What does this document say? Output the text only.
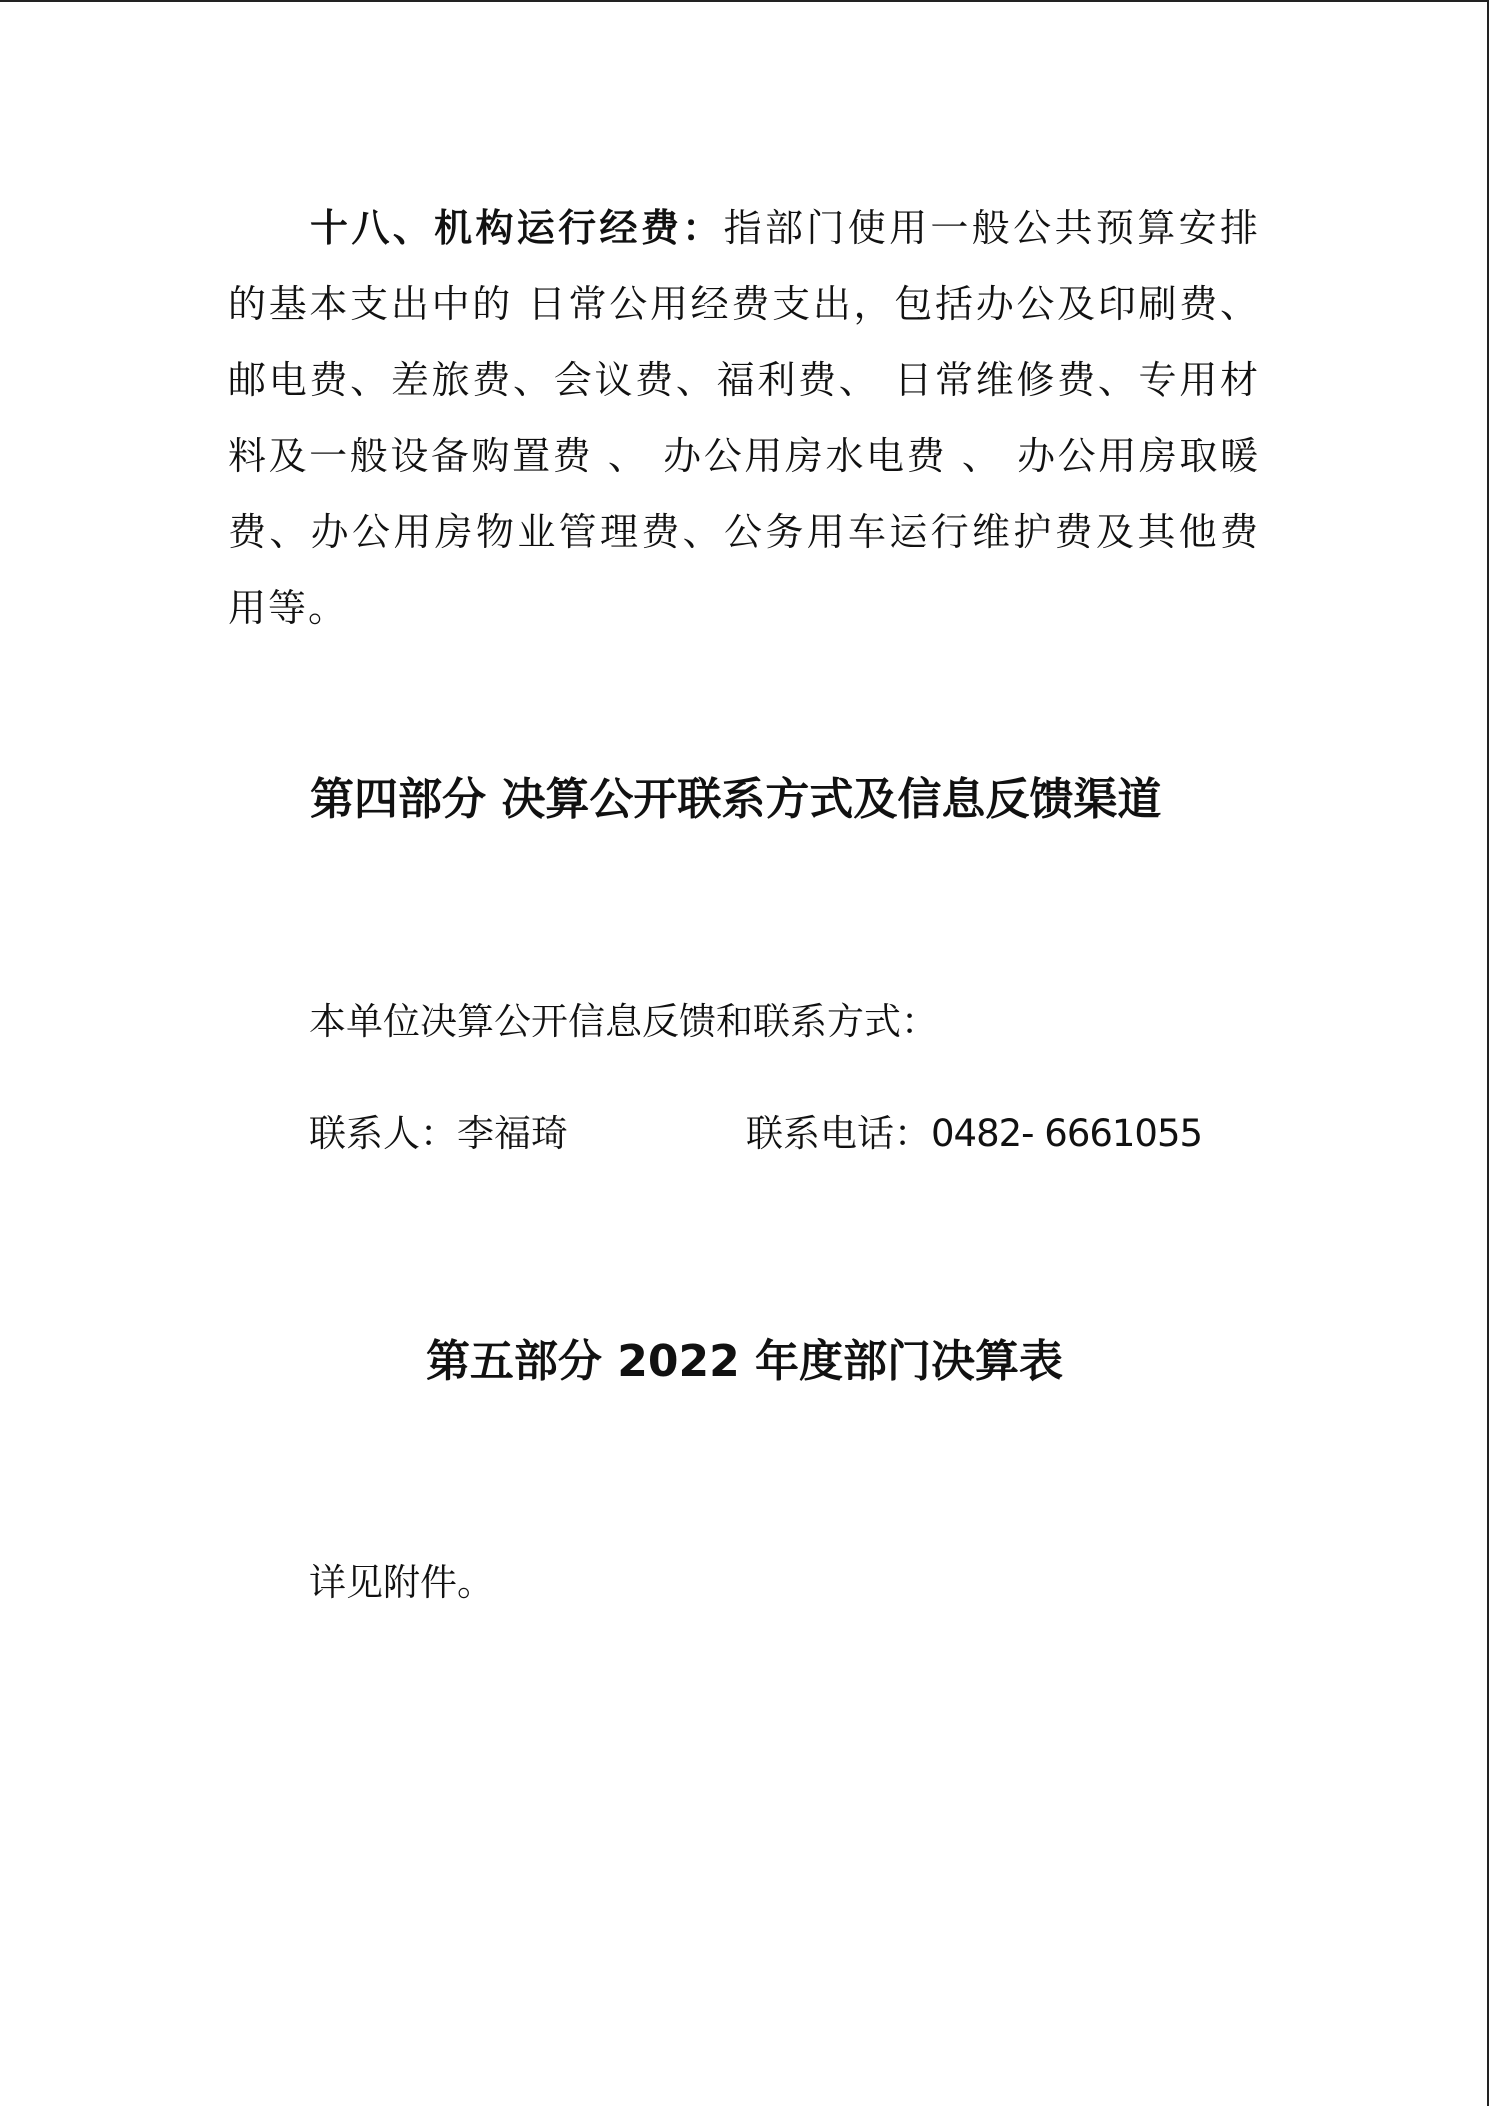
十八、机构运行经费：指部门使用一般公共预算安排的基本支出中的 日常公用经费支出，包括办公及印刷费、邮电费、差旅费、会议费、福利费、 日常维修费、专用材料及一般设备购置费 、 办公用房水电费 、 办公用房取暖费、办公用房物业管理费、公务用车运行维护费及其他费用等。
第四部分 决算公开联系方式及信息反馈渠道
本单位决算公开信息反馈和联系方式：
联系人：李福琦	联系电话：0482- 6661055
第五部分 2022 年度部门决算表
详见附件。
